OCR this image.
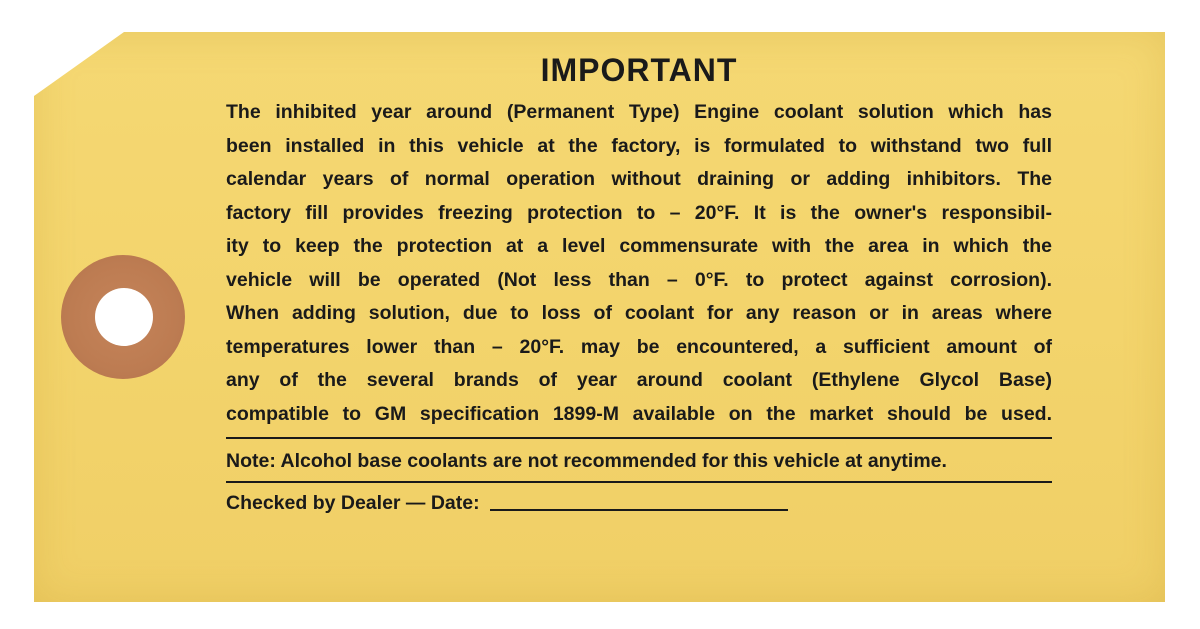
IMPORTANT
The inhibited year around (Permanent Type) Engine coolant solution which has
been installed in this vehicle at the factory, is formulated to withstand two full
calendar years of normal operation without draining or adding inhibitors. The
factory fill provides freezing protection to – 20°F. It is the owner's responsibil-
ity to keep the protection at a level commensurate with the area in which the
vehicle will be operated (Not less than – 0°F. to protect against corrosion).
When adding solution, due to loss of coolant for any reason or in areas where
temperatures lower than – 20°F. may be encountered, a sufficient amount of
any of the several brands of year around coolant (Ethylene Glycol Base)
compatible to GM specification 1899-M available on the market should be used.
Note: Alcohol base coolants are not recommended for this vehicle at anytime.
Checked by Dealer — Date:
